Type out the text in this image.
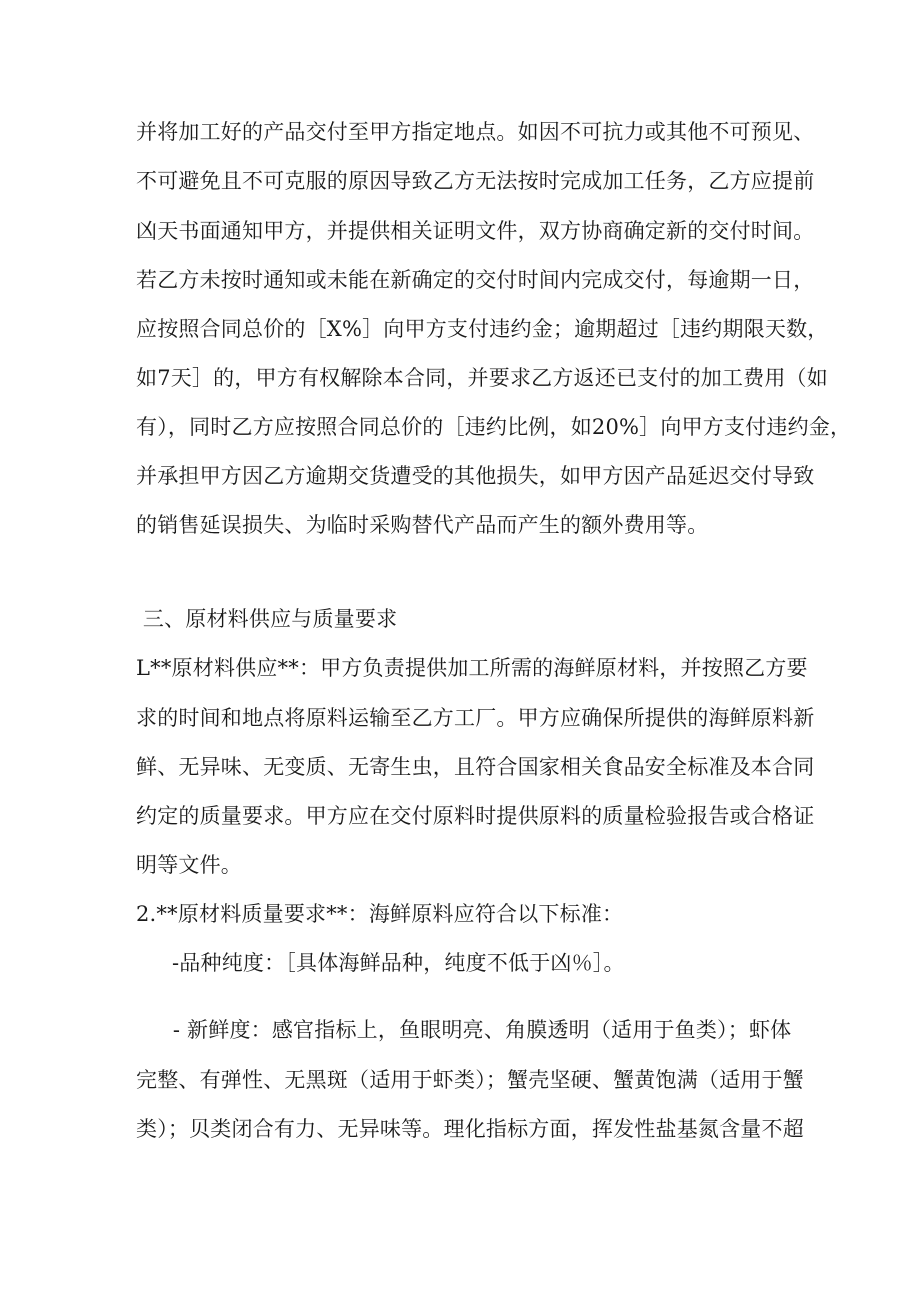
并将加工好的产品交付至甲方指定地点。如因不可抗力或其他不可预见、
不可避免且不可克服的原因导致乙方无法按时完成加工任务，乙方应提前
凶天书面通知甲方，并提供相关证明文件，双方协商确定新的交付时间。
若乙方未按时通知或未能在新确定的交付时间内完成交付，每逾期一日，
应按照合同总价的［X%］向甲方支付违约金；逾期超过［违约期限天数，
如7天］的，甲方有权解除本合同，并要求乙方返还已支付的加工费用（如
有），同时乙方应按照合同总价的［违约比例，如20%］向甲方支付违约金，
并承担甲方因乙方逾期交货遭受的其他损失，如甲方因产品延迟交付导致
的销售延误损失、为临时采购替代产品而产生的额外费用等。
三、原材料供应与质量要求
L**原材料供应**：甲方负责提供加工所需的海鲜原材料，并按照乙方要
求的时间和地点将原料运输至乙方工厂。甲方应确保所提供的海鲜原料新
鲜、无异味、无变质、无寄生虫，且符合国家相关食品安全标准及本合同
约定的质量要求。甲方应在交付原料时提供原料的质量检验报告或合格证
明等文件。
2.**原材料质量要求**：海鲜原料应符合以下标准：
-品种纯度：［具体海鲜品种，纯度不低于凶％］。
- 新鲜度：感官指标上，鱼眼明亮、角膜透明（适用于鱼类）；虾体
完整、有弹性、无黑斑（适用于虾类）；蟹壳坚硬、蟹黄饱满（适用于蟹
类）；贝类闭合有力、无异味等。理化指标方面，挥发性盐基氮含量不超
